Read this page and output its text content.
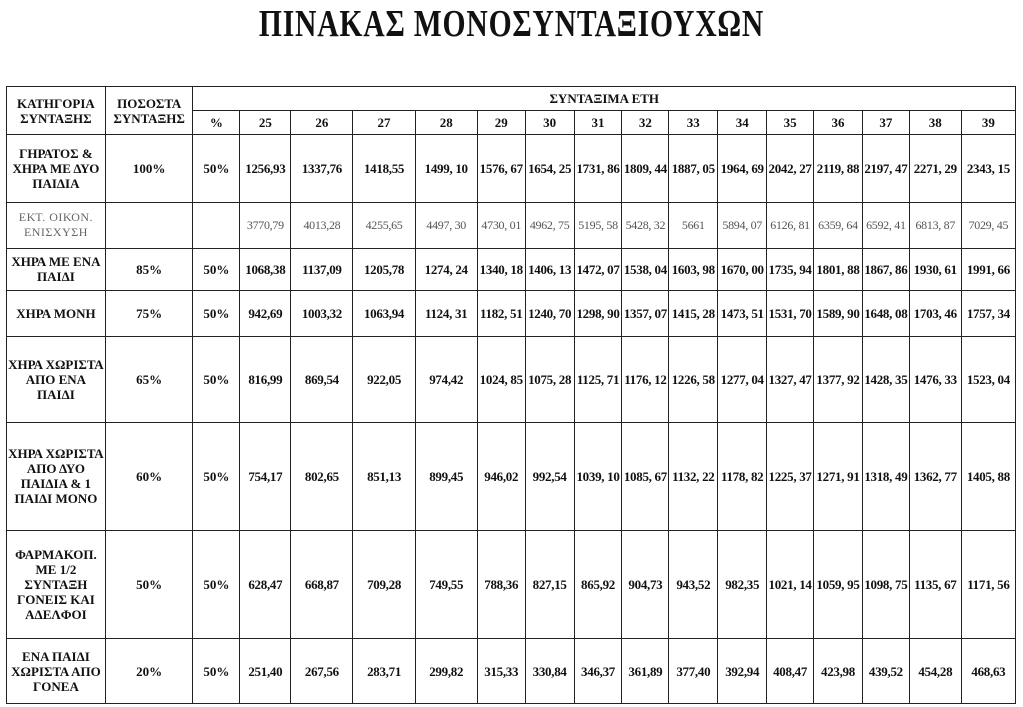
ΠΙΝΑΚΑΣ ΜΟΝΟΣΥΝΤΑΞΙΟΥΧΩΝ
ΚΑΤΗΓΟΡΙΑ ΣΥΝΤΑΞΗΣ	ΠΟΣΟΣΤΑ ΣΥΝΤΑΞΗΣ	ΣΥΝΤΑΞΙΜΑ ΕΤΗ															
		%	25	26	27	28	29	30	31	32	33	34	35	36	37	38	39
ΓΗΡΑΤΟΣ & ΧΗΡΑ ΜΕ ΔΥΟ ΠΑΙΔΙΑ	100%	50%	1256,93	1337,76	1418,55	1499, 10	1576, 67	1654, 25	1731, 86	1809, 44	1887, 05	1964, 69	2042, 27	2119, 88	2197, 47	2271, 29	2343, 15
ΕΚΤ. ΟΙΚΟΝ. ΕΝΙΣΧΥΣΗ			3770,79	4013,28	4255,65	4497, 30	4730, 01	4962, 75	5195, 58	5428, 32	5661	5894, 07	6126, 81	6359, 64	6592, 41	6813, 87	7029, 45
ΧΗΡΑ ΜΕ ΕΝΑ ΠΑΙΔΙ	85%	50%	1068,38	1137,09	1205,78	1274, 24	1340, 18	1406, 13	1472, 07	1538, 04	1603, 98	1670, 00	1735, 94	1801, 88	1867, 86	1930, 61	1991, 66
ΧΗΡΑ ΜΟΝΗ	75%	50%	942,69	1003,32	1063,94	1124, 31	1182, 51	1240, 70	1298, 90	1357, 07	1415, 28	1473, 51	1531, 70	1589, 90	1648, 08	1703, 46	1757, 34
ΧΗΡΑ ΧΩΡΙΣΤΑ ΑΠΟ ΕΝΑ ΠΑΙΔΙ	65%	50%	816,99	869,54	922,05	974,42	1024, 85	1075, 28	1125, 71	1176, 12	1226, 58	1277, 04	1327, 47	1377, 92	1428, 35	1476, 33	1523, 04
ΧΗΡΑ ΧΩΡΙΣΤΑ ΑΠΟ ΔΥΟ ΠΑΙΔΙΑ & 1 ΠΑΙΔΙ ΜΟΝΟ	60%	50%	754,17	802,65	851,13	899,45	946,02	992,54	1039, 10	1085, 67	1132, 22	1178, 82	1225, 37	1271, 91	1318, 49	1362, 77	1405, 88
ΦΑΡΜΑΚΟΠ. ΜΕ 1/2 ΣΥΝΤΑΞΗ ΓΟΝΕΙΣ ΚΑΙ ΑΔΕΛΦΟΙ	50%	50%	628,47	668,87	709,28	749,55	788,36	827,15	865,92	904,73	943,52	982,35	1021, 14	1059, 95	1098, 75	1135, 67	1171, 56
ΕΝΑ ΠΑΙΔΙ ΧΩΡΙΣΤΑ ΑΠΟ ΓΟΝΕΑ	20%	50%	251,40	267,56	283,71	299,82	315,33	330,84	346,37	361,89	377,40	392,94	408,47	423,98	439,52	454,28	468,63
